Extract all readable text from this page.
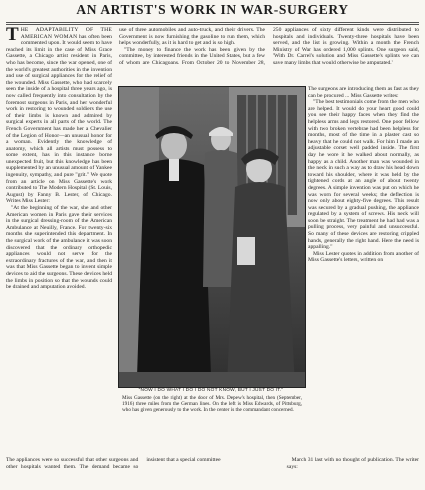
AN ARTIST'S WORK IN WAR-SURGERY

THE ADAPTABILITY OF THE AMERICAN WOMAN has often been commented upon. It would seem to have reached its limit in the case of Miss Grace Gassette, a Chicago artist resident in Paris, who has become, since the war opened, one of the world's greatest authorities in the invention and use of surgical appliances for the relief of the wounded. Miss Gassette, who had scarcely seen the inside of a hospital three years ago, is now called frequently into consultation by the foremost surgeons in Paris, and her wonderful work in restoring to wounded soldiers the use of their limbs is known and admired by surgical experts in all parts of the world. The French Government has made her a Chevalier of the Legion of Honor—an unusual honor for a woman. Evidently the knowledge of anatomy, which all artists must possess to some extent, has in this instance borne unexpected fruit, but this knowledge has been supplemented by an unusual amount of Yankee ingenuity, sympathy, and pure "grit." We quote from an article on Miss Gassette's work contributed to The Modern Hospital (St. Louis, August) by Fanny B. Lester, of Chicago. Writes Miss Lester:

"At the beginning of the war, she and other American women in Paris gave their services in the surgical dressing-room of the American Ambulance at Neuilly, France. For twenty-six months she superintended this department. In the surgical work of the ambulance it was soon discovered that the ordinary orthopedic appliances would not serve for the extraordinary fractures of the war, and then it was that Miss Gassette began to invent simple devices to aid the surgeons. These devices held the limbs in position so that the wounds could be drained and amputation avoided.

use of three automobiles and auto-truck, and their drivers. The Government is now furnishing the gasoline to run them, which helps wonderfully, as it is hard to get and is so high.

"The money to finance the work has been given by the committee, by interested friends in the United States, but a few of whom are Chicagoans. From October 20 to November 28, 250 appliances of sixty different kinds were distributed to hospitals and individuals. Twenty-three hospitals have been served, and the list is growing. Within a month the French Ministry of War has ordered 1,000 splints. One surgeon said, 'With Dr. Carrel's solution and Miss Gassette's splints we can save many limbs that would otherwise be amputated.'

"NOW I DO WHAT I DO I DO NOT KNOW, BUT I JUST DO IT."
Miss Gassette (on the right) at the door of Mrs. Depew's hospital, then (September, 1916) three miles from the German lines. On the left is Miss Edwards, of Pittsburg, who has given generously to the work. In the center is the commandant concerned.

The surgeons are introducing them as fast as they can be procured ... Miss Gassette writes:

"The best testimonials come from the men who are helped. It would do your heart good could you see their happy faces when they find the helpless arms and legs restored. One poor fellow with two broken vertebrae had been helpless for months, most of the time in a plaster cast so heavy that he could not walk. For him I made an adjustable corset well padded inside. The first day he wore it he walked about normally, as happy as a child. Another man was wounded in the neck in such a way as to draw his head down toward his shoulder, where it was held by the tightened cords at an angle of about twenty degrees. A simple invention was put on which he was worn for several weeks; the deflection is now only about eighty-five degrees. This result was secured by a gradual pushing, the appliance regulated by a system of screws. His neck will soon be straight. The treatment he had had was a pulling process, very painful and unsuccessful. So many of these devices are restoring crippled hands, generally the right hand. Here the need is appalling."

Miss Lester quotes in addition from another of Miss Gassette's letters, written on

The appliances were so successful that other surgeons and other hospitals wanted them. The demand became so insistent that a special committee	March 31 last with no thought of publication. The writer says:
